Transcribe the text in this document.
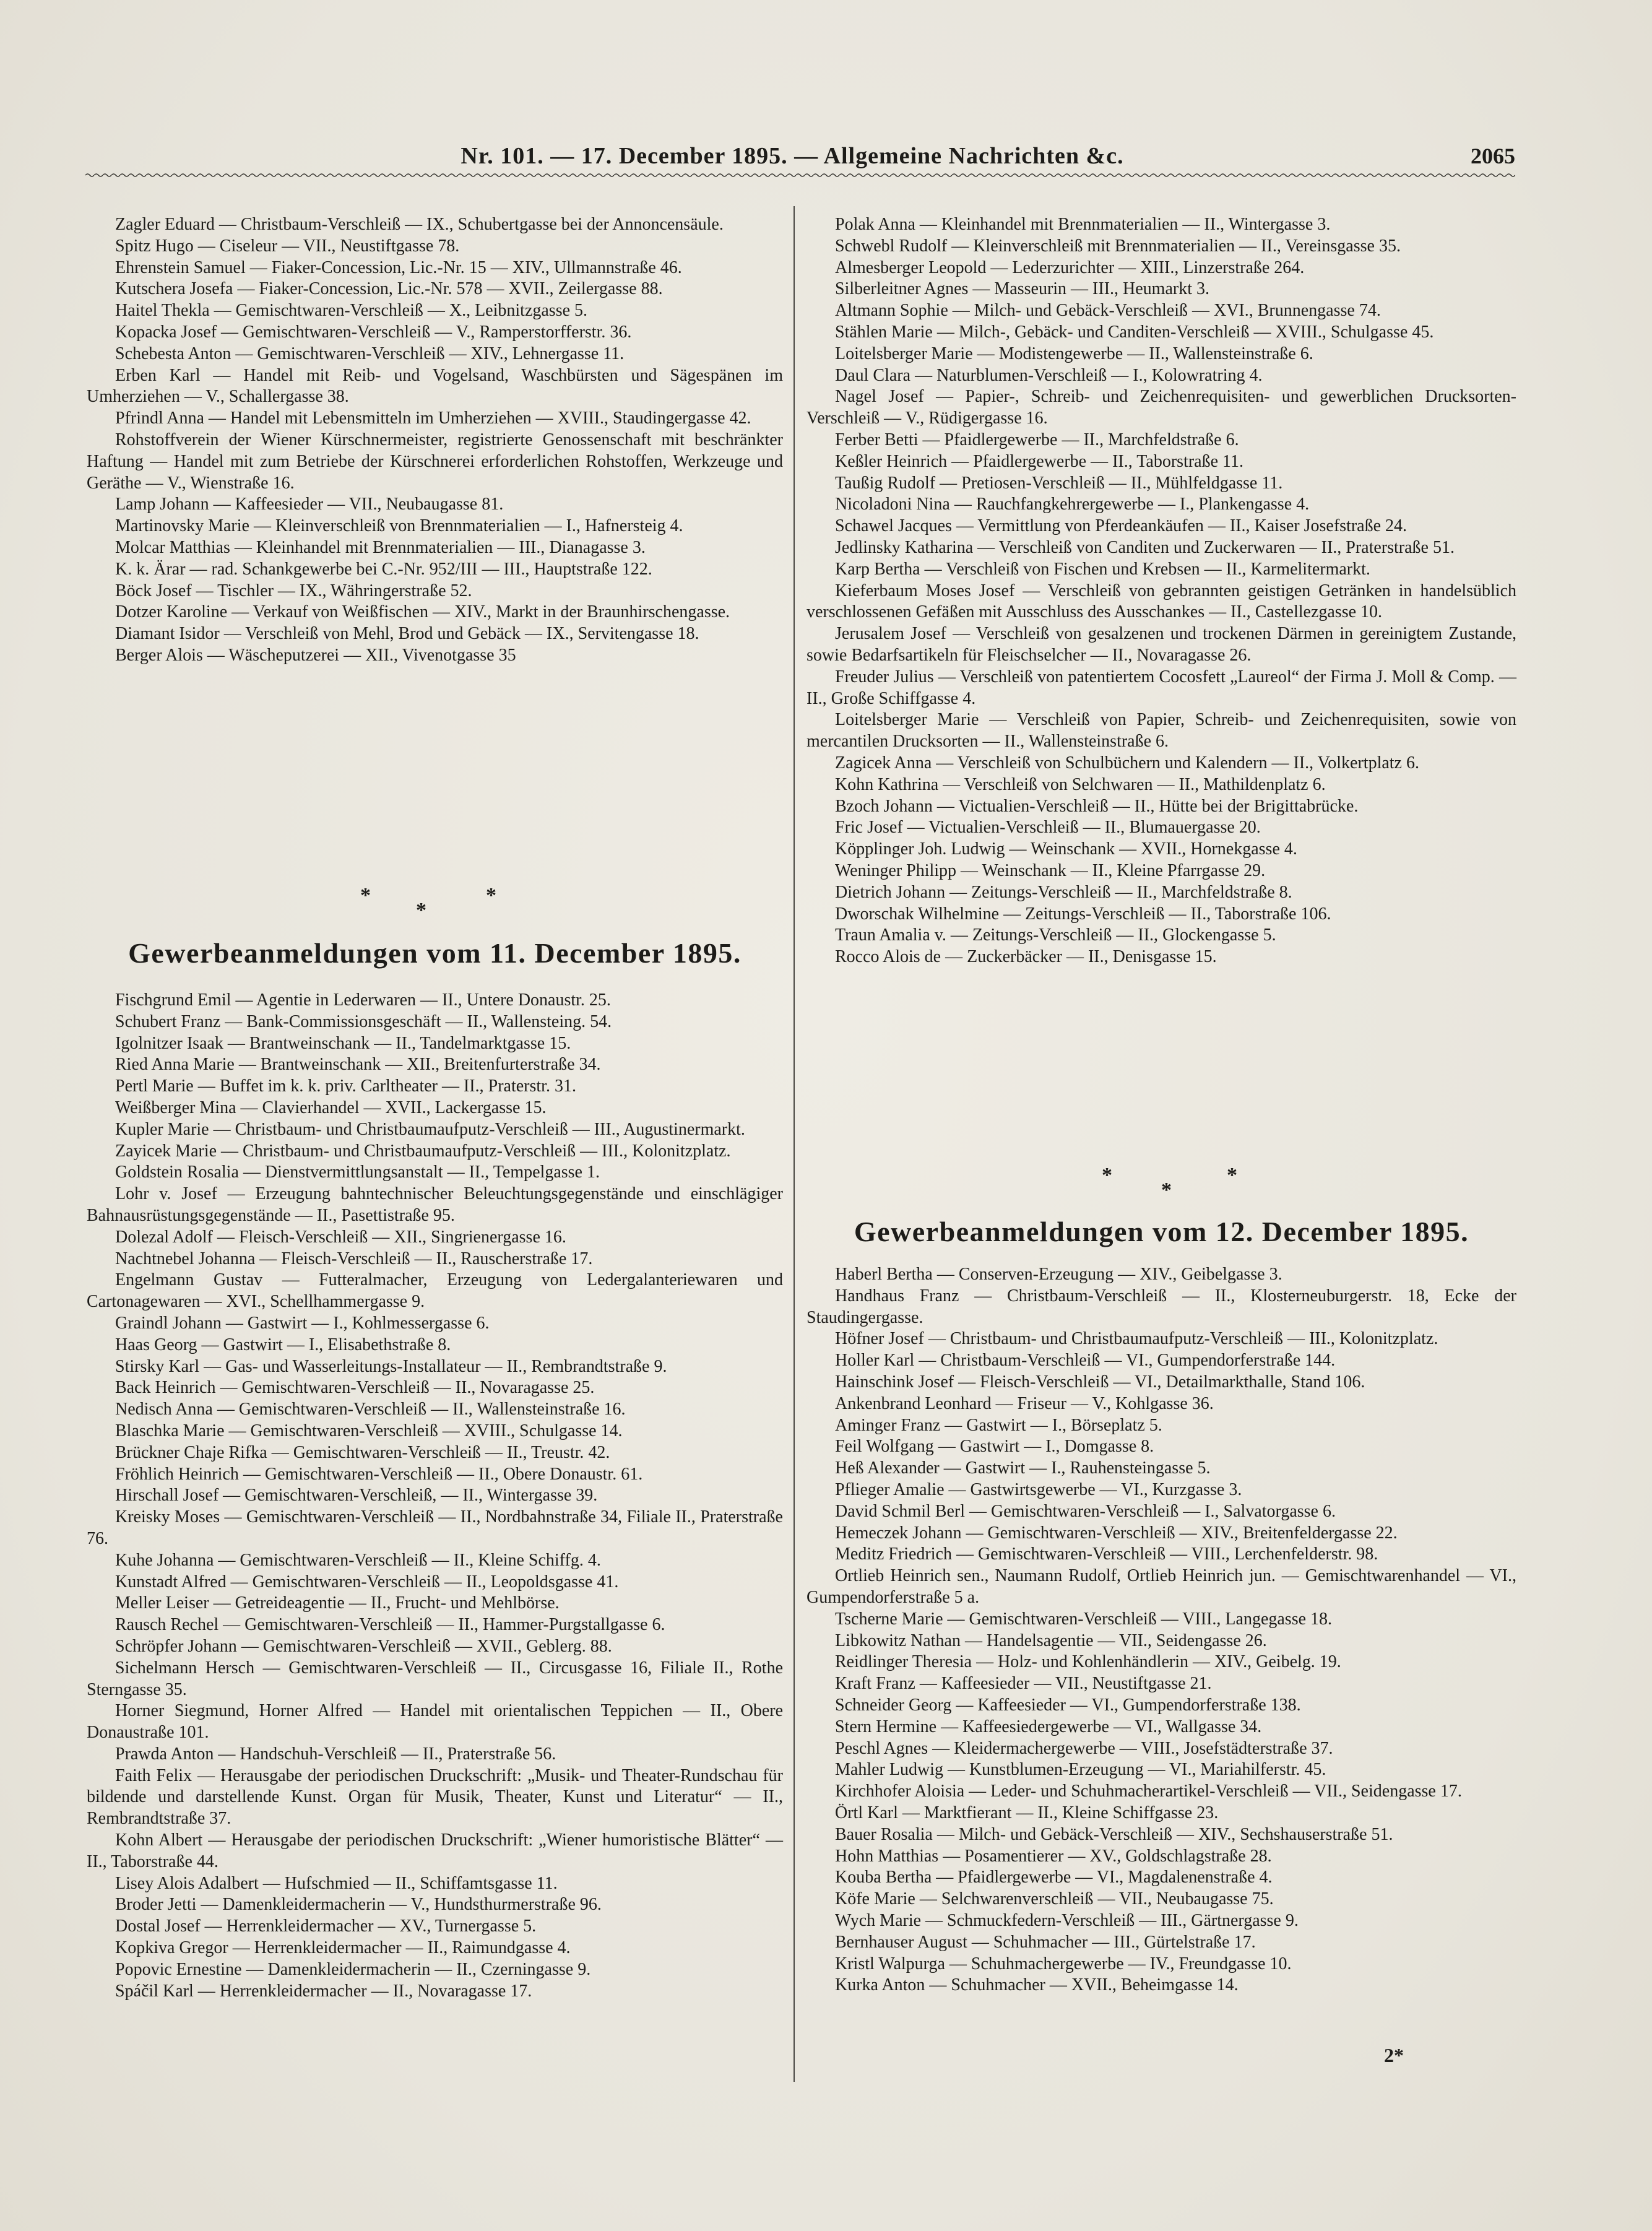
Nr. 101. — 17. December 1895. — Allgemeine Nachrichten &c.	2065

Zagler Eduard — Christbaum-Verschleiß — IX., Schubertgasse bei der Annoncensäule.

Spitz Hugo — Ciseleur — VII., Neustiftgasse 78.

Ehrenstein Samuel — Fiaker-Concession, Lic.-Nr. 15 — XIV., Ullmannstraße 46.

Kutschera Josefa — Fiaker-Concession, Lic.-Nr. 578 — XVII., Zeilergasse 88.

Haitel Thekla — Gemischtwaren-Verschleiß — X., Leibnitzgasse 5.

Kopacka Josef — Gemischtwaren-Verschleiß — V., Ramperstorfferstr. 36.

Schebesta Anton — Gemischtwaren-Verschleiß — XIV., Lehnergasse 11.

Erben Karl — Handel mit Reib- und Vogelsand, Waschbürsten und Sägespänen im Umherziehen — V., Schallergasse 38.

Pfrindl Anna — Handel mit Lebensmitteln im Umherziehen — XVIII., Staudingergasse 42.

Rohstoffverein der Wiener Kürschnermeister, registrierte Genossenschaft mit beschränkter Haftung — Handel mit zum Betriebe der Kürschnerei erforderlichen Rohstoffen, Werkzeuge und Geräthe — V., Wienstraße 16.

Lamp Johann — Kaffeesieder — VII., Neubaugasse 81.

Martinovsky Marie — Kleinverschleiß von Brennmaterialien — I., Hafnersteig 4.

Molcar Matthias — Kleinhandel mit Brennmaterialien — III., Dianagasse 3.

K. k. Ärar — rad. Schankgewerbe bei C.-Nr. 952/III — III., Hauptstraße 122.

Böck Josef — Tischler — IX., Währingerstraße 52.

Dotzer Karoline — Verkauf von Weißfischen — XIV., Markt in der Braunhirschengasse.

Diamant Isidor — Verschleiß von Mehl, Brod und Gebäck — IX., Servitengasse 18.

Berger Alois — Wäscheputzerei — XII., Vivenotgasse 35

*	*
*
Gewerbeanmeldungen vom 11. December 1895.

Fischgrund Emil — Agentie in Lederwaren — II., Untere Donaustr. 25.

Schubert Franz — Bank-Commissionsgeschäft — II., Wallensteing. 54.

Igolnitzer Isaak — Brantweinschank — II., Tandelmarktgasse 15.

Ried Anna Marie — Brantweinschank — XII., Breitenfurterstraße 34.

Pertl Marie — Buffet im k. k. priv. Carltheater — II., Praterstr. 31.

Weißberger Mina — Clavierhandel — XVII., Lackergasse 15.

Kupler Marie — Christbaum- und Christbaumaufputz-Verschleiß — III., Augustinermarkt.

Zayicek Marie — Christbaum- und Christbaumaufputz-Verschleiß — III., Kolonitzplatz.

Goldstein Rosalia — Dienstvermittlungsanstalt — II., Tempelgasse 1.

Lohr v. Josef — Erzeugung bahntechnischer Beleuchtungsgegenstände und einschlägiger Bahnausrüstungsgegenstände — II., Pasettistraße 95.

Dolezal Adolf — Fleisch-Verschleiß — XII., Singrienergasse 16.

Nachtnebel Johanna — Fleisch-Verschleiß — II., Rauscherstraße 17.

Engelmann Gustav — Futteralmacher, Erzeugung von Ledergalanteriewaren und Cartonagewaren — XVI., Schellhammergasse 9.

Graindl Johann — Gastwirt — I., Kohlmessergasse 6.

Haas Georg — Gastwirt — I., Elisabethstraße 8.

Stirsky Karl — Gas- und Wasserleitungs-Installateur — II., Rembrandtstraße 9.

Back Heinrich — Gemischtwaren-Verschleiß — II., Novaragasse 25.

Nedisch Anna — Gemischtwaren-Verschleiß — II., Wallensteinstraße 16.

Blaschka Marie — Gemischtwaren-Verschleiß — XVIII., Schulgasse 14.

Brückner Chaje Rifka — Gemischtwaren-Verschleiß — II., Treustr. 42.

Fröhlich Heinrich — Gemischtwaren-Verschleiß — II., Obere Donaustr. 61.

Hirschall Josef — Gemischtwaren-Verschleiß, — II., Wintergasse 39.

Kreisky Moses — Gemischtwaren-Verschleiß — II., Nordbahnstraße 34, Filiale II., Praterstraße 76.

Kuhe Johanna — Gemischtwaren-Verschleiß — II., Kleine Schiffg. 4.

Kunstadt Alfred — Gemischtwaren-Verschleiß — II., Leopoldsgasse 41.

Meller Leiser — Getreideagentie — II., Frucht- und Mehlbörse.

Rausch Rechel — Gemischtwaren-Verschleiß — II., Hammer-Purgstallgasse 6.

Schröpfer Johann — Gemischtwaren-Verschleiß — XVII., Geblerg. 88.

Sichelmann Hersch — Gemischtwaren-Verschleiß — II., Circusgasse 16, Filiale II., Rothe Sterngasse 35.

Horner Siegmund, Horner Alfred — Handel mit orientalischen Teppichen — II., Obere Donaustraße 101.

Prawda Anton — Handschuh-Verschleiß — II., Praterstraße 56.

Faith Felix — Herausgabe der periodischen Druckschrift: „Musik- und Theater-Rundschau für bildende und darstellende Kunst. Organ für Musik, Theater, Kunst und Literatur“ — II., Rembrandtstraße 37.

Kohn Albert — Herausgabe der periodischen Druckschrift: „Wiener humoristische Blätter“ — II., Taborstraße 44.

Lisey Alois Adalbert — Hufschmied — II., Schiffamtsgasse 11.

Broder Jetti — Damenkleidermacherin — V., Hundsthurmerstraße 96.

Dostal Josef — Herrenkleidermacher — XV., Turnergasse 5.

Kopkiva Gregor — Herrenkleidermacher — II., Raimundgasse 4.

Popovic Ernestine — Damenkleidermacherin — II., Czerningasse 9.

Spáčil Karl — Herrenkleidermacher — II., Novaragasse 17.

Polak Anna — Kleinhandel mit Brennmaterialien — II., Wintergasse 3.

Schwebl Rudolf — Kleinverschleiß mit Brennmaterialien — II., Vereinsgasse 35.

Almesberger Leopold — Lederzurichter — XIII., Linzerstraße 264.

Silberleitner Agnes — Masseurin — III., Heumarkt 3.

Altmann Sophie — Milch- und Gebäck-Verschleiß — XVI., Brunnengasse 74.

Stählen Marie — Milch-, Gebäck- und Canditen-Verschleiß — XVIII., Schulgasse 45.

Loitelsberger Marie — Modistengewerbe — II., Wallensteinstraße 6.

Daul Clara — Naturblumen-Verschleiß — I., Kolowratring 4.

Nagel Josef — Papier-, Schreib- und Zeichenrequisiten- und gewerblichen Drucksorten-Verschleiß — V., Rüdigergasse 16.

Ferber Betti — Pfaidlergewerbe — II., Marchfeldstraße 6.

Keßler Heinrich — Pfaidlergewerbe — II., Taborstraße 11.

Taußig Rudolf — Pretiosen-Verschleiß — II., Mühlfeldgasse 11.

Nicoladoni Nina — Rauchfangkehrergewerbe — I., Plankengasse 4.

Schawel Jacques — Vermittlung von Pferdeankäufen — II., Kaiser Josefstraße 24.

Jedlinsky Katharina — Verschleiß von Canditen und Zuckerwaren — II., Praterstraße 51.

Karp Bertha — Verschleiß von Fischen und Krebsen — II., Karmelitermarkt.

Kieferbaum Moses Josef — Verschleiß von gebrannten geistigen Getränken in handelsüblich verschlossenen Gefäßen mit Ausschluss des Ausschankes — II., Castellezgasse 10.

Jerusalem Josef — Verschleiß von gesalzenen und trockenen Därmen in gereinigtem Zustande, sowie Bedarfsartikeln für Fleischselcher — II., Novaragasse 26.

Freuder Julius — Verschleiß von patentiertem Cocosfett „Laureol“ der Firma J. Moll & Comp. — II., Große Schiffgasse 4.

Loitelsberger Marie — Verschleiß von Papier, Schreib- und Zeichenrequisiten, sowie von mercantilen Drucksorten — II., Wallensteinstraße 6.

Zagicek Anna — Verschleiß von Schulbüchern und Kalendern — II., Volkertplatz 6.

Kohn Kathrina — Verschleiß von Selchwaren — II., Mathildenplatz 6.

Bzoch Johann — Victualien-Verschleiß — II., Hütte bei der Brigittabrücke.

Fric Josef — Victualien-Verschleiß — II., Blumauergasse 20.

Köpplinger Joh. Ludwig — Weinschank — XVII., Hornekgasse 4.

Weninger Philipp — Weinschank — II., Kleine Pfarrgasse 29.

Dietrich Johann — Zeitungs-Verschleiß — II., Marchfeldstraße 8.

Dworschak Wilhelmine — Zeitungs-Verschleiß — II., Taborstraße 106.

Traun Amalia v. — Zeitungs-Verschleiß — II., Glockengasse 5.

Rocco Alois de — Zuckerbäcker — II., Denisgasse 15.

*	*
*
Gewerbeanmeldungen vom 12. December 1895.

Haberl Bertha — Conserven-Erzeugung — XIV., Geibelgasse 3.

Handhaus Franz — Christbaum-Verschleiß — II., Klosterneuburgerstr. 18, Ecke der Staudingergasse.

Höfner Josef — Christbaum- und Christbaumaufputz-Verschleiß — III., Kolonitzplatz.

Holler Karl — Christbaum-Verschleiß — VI., Gumpendorferstraße 144.

Hainschink Josef — Fleisch-Verschleiß — VI., Detailmarkthalle, Stand 106.

Ankenbrand Leonhard — Friseur — V., Kohlgasse 36.

Aminger Franz — Gastwirt — I., Börseplatz 5.

Feil Wolfgang — Gastwirt — I., Domgasse 8.

Heß Alexander — Gastwirt — I., Rauhensteingasse 5.

Pflieger Amalie — Gastwirtsgewerbe — VI., Kurzgasse 3.

David Schmil Berl — Gemischtwaren-Verschleiß — I., Salvatorgasse 6.

Hemeczek Johann — Gemischtwaren-Verschleiß — XIV., Breitenfeldergasse 22.

Meditz Friedrich — Gemischtwaren-Verschleiß — VIII., Lerchenfelderstr. 98.

Ortlieb Heinrich sen., Naumann Rudolf, Ortlieb Heinrich jun. — Gemischtwarenhandel — VI., Gumpendorferstraße 5 a.

Tscherne Marie — Gemischtwaren-Verschleiß — VIII., Langegasse 18.

Libkowitz Nathan — Handelsagentie — VII., Seidengasse 26.

Reidlinger Theresia — Holz- und Kohlenhändlerin — XIV., Geibelg. 19.

Kraft Franz — Kaffeesieder — VII., Neustiftgasse 21.

Schneider Georg — Kaffeesieder — VI., Gumpendorferstraße 138.

Stern Hermine — Kaffeesiedergewerbe — VI., Wallgasse 34.

Peschl Agnes — Kleidermachergewerbe — VIII., Josefstädterstraße 37.

Mahler Ludwig — Kunstblumen-Erzeugung — VI., Mariahilferstr. 45.

Kirchhofer Aloisia — Leder- und Schuhmacherartikel-Verschleiß — VII., Seidengasse 17.

Örtl Karl — Marktfierant — II., Kleine Schiffgasse 23.

Bauer Rosalia — Milch- und Gebäck-Verschleiß — XIV., Sechshauserstraße 51.

Hohn Matthias — Posamentierer — XV., Goldschlagstraße 28.

Kouba Bertha — Pfaidlergewerbe — VI., Magdalenenstraße 4.

Köfe Marie — Selchwarenverschleiß — VII., Neubaugasse 75.

Wych Marie — Schmuckfedern-Verschleiß — III., Gärtnergasse 9.

Bernhauser August — Schuhmacher — III., Gürtelstraße 17.

Kristl Walpurga — Schuhmachergewerbe — IV., Freundgasse 10.

Kurka Anton — Schuhmacher — XVII., Beheimgasse 14.

2*
